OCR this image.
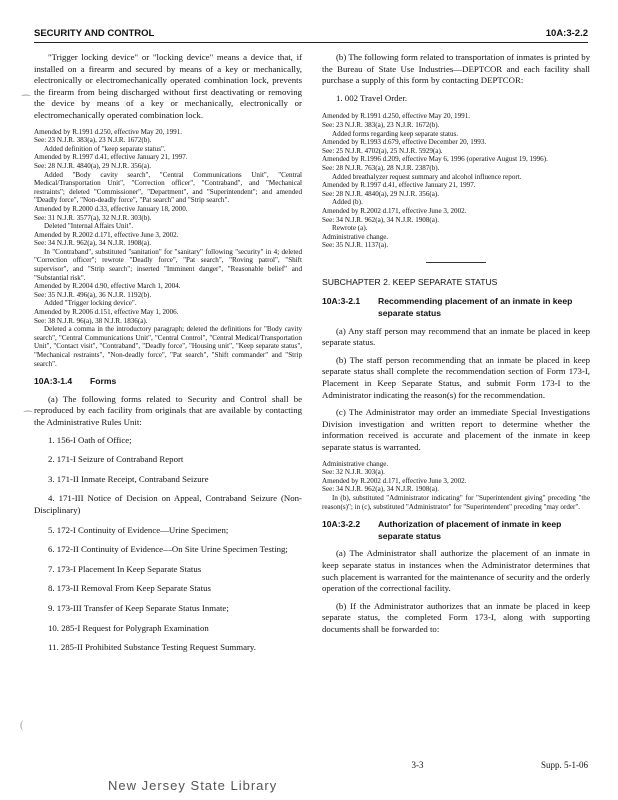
SECURITY AND CONTROL	10A:3-2.2

"Trigger locking device" or "locking device" means a device that, if installed on a firearm and secured by means of a key or mechanically, electronically or electromechanically operated combination lock, prevents the firearm from being discharged without first deactivating or removing the device by means of a key or mechanically, electronically or electromechanically operated combination lock.

Amended by R.1991 d.250, effective May 20, 1991.

See: 23 N.J.R. 383(a), 23 N.J.R. 1672(b).

Added definition of "keep separate status".

Amended by R.1997 d.41, effective January 21, 1997.

See: 28 N.J.R. 4840(a), 29 N.J.R. 356(a).

Added "Body cavity search", "Central Communications Unit", "Central Medical/Transportation Unit", "Correction officer", "Contraband", and "Mechanical restraints"; deleted "Commissioner", "Department", and "Superintendent"; and amended "Deadly force", "Non-deadly force", "Pat search" and "Strip search".

Amended by R.2000 d.33, effective January 18, 2000.

See: 31 N.J.R. 3577(a), 32 N.J.R. 303(b).

Deleted "Internal Affairs Unit".

Amended by R.2002 d.171, effective June 3, 2002.

See: 34 N.J.R. 962(a), 34 N.J.R. 1908(a).

In "Contraband", substituted "sanitation" for "sanitary" following "security" in 4; deleted "Correction officer"; rewrote "Deadly force", "Pat search", "Roving patrol", "Shift supervisor", and "Strip search"; inserted "Imminent danger", "Reasonable belief" and "Substantial risk".

Amended by R.2004 d.90, effective March 1, 2004.

See: 35 N.J.R. 496(a), 36 N.J.R. 1192(b).

Added "Trigger locking device".

Amended by R.2006 d.151, effective May 1, 2006.

See: 38 N.J.R. 96(a), 38 N.J.R. 1836(a).

Deleted a comma in the introductory paragraph; deleted the definitions for "Body cavity search", "Central Communications Unit", "Central Control", "Central Medical/Transportation Unit", "Contact visit", "Contraband", "Deadly force", "Housing unit", "Keep separate status", "Mechanical restraints", "Non-deadly force", "Pat search", "Shift commander" and "Strip search".

10A:3-1.4	Forms

(a) The following forms related to Security and Control shall be reproduced by each facility from originals that are available by contacting the Administrative Rules Unit:

1. 156-I Oath of Office;

2. 171-I Seizure of Contraband Report

3. 171-II Inmate Receipt, Contraband Seizure

4. 171-III Notice of Decision on Appeal, Contraband Seizure (Non-Disciplinary)

5. 172-I Continuity of Evidence—Urine Specimen;

6. 172-II Continuity of Evidence—On Site Urine Specimen Testing;

7. 173-I Placement In Keep Separate Status

8. 173-II Removal From Keep Separate Status

9. 173-III Transfer of Keep Separate Status Inmate;

10. 285-I Request for Polygraph Examination

11. 285-II Prohibited Substance Testing Request Summary.

(b) The following form related to transportation of inmates is printed by the Bureau of State Use Industries—DEPTCOR and each facility shall purchase a supply of this form by contacting DEPTCOR:

1. 002 Travel Order.

Amended by R.1991 d.250, effective May 20, 1991.

See: 23 N.J.R. 383(a), 23 N.J.R. 1672(b).

Added forms regarding keep separate status.

Amended by R.1993 d.679, effective December 20, 1993.

See: 25 N.J.R. 4702(a), 25 N.J.R. 5929(a).

Amended by R.1996 d.209, effective May 6, 1996 (operative August 19, 1996).

See: 28 N.J.R. 763(a), 28 N.J.R. 2387(b).

Added breathalyzer request summary and alcohol influence report.

Amended by R.1997 d.41, effective January 21, 1997.

See: 28 N.J.R. 4840(a), 29 N.J.R. 356(a).

Added (b).

Amended by R.2002 d.171, effective June 3, 2002.

See: 34 N.J.R. 962(a), 34 N.J.R. 1908(a).

Rewrote (a).

Administrative change.

See: 35 N.J.R. 1137(a).

SUBCHAPTER 2. KEEP SEPARATE STATUS
10A:3-2.1	Recommending placement of an inmate in keep separate status

(a) Any staff person may recommend that an inmate be placed in keep separate status.

(b) The staff person recommending that an inmate be placed in keep separate status shall complete the recommendation section of Form 173-I, Placement in Keep Separate Status, and submit Form 173-I to the Administrator indicating the reason(s) for the recommendation.

(c) The Administrator may order an immediate Special Investigations Division investigation and written report to determine whether the information received is accurate and placement of the inmate in keep separate status is warranted.

Administrative change.

See: 32 N.J.R. 303(a).

Amended by R.2002 d.171, effective June 3, 2002.

See: 34 N.J.R. 962(a), 34 N.J.R. 1908(a).

In (b), substituted "Administrator indicating" for "Superintendent giving" preceding "the reason(s)"; in (c), substituted "Administrator" for "Superintendent" preceding "may order".

10A:3-2.2	Authorization of placement of inmate in keep separate status

(a) The Administrator shall authorize the placement of an inmate in keep separate status in instances when the Administrator determines that such placement is warranted for the maintenance of security and the orderly operation of the correctional facility.

(b) If the Administrator authorizes that an inmate be placed in keep separate status, the completed Form 173-I, along with supporting documents shall be forwarded to:

3-3	Supp. 5-1-06
New Jersey State Library
⁀
⁀
(
